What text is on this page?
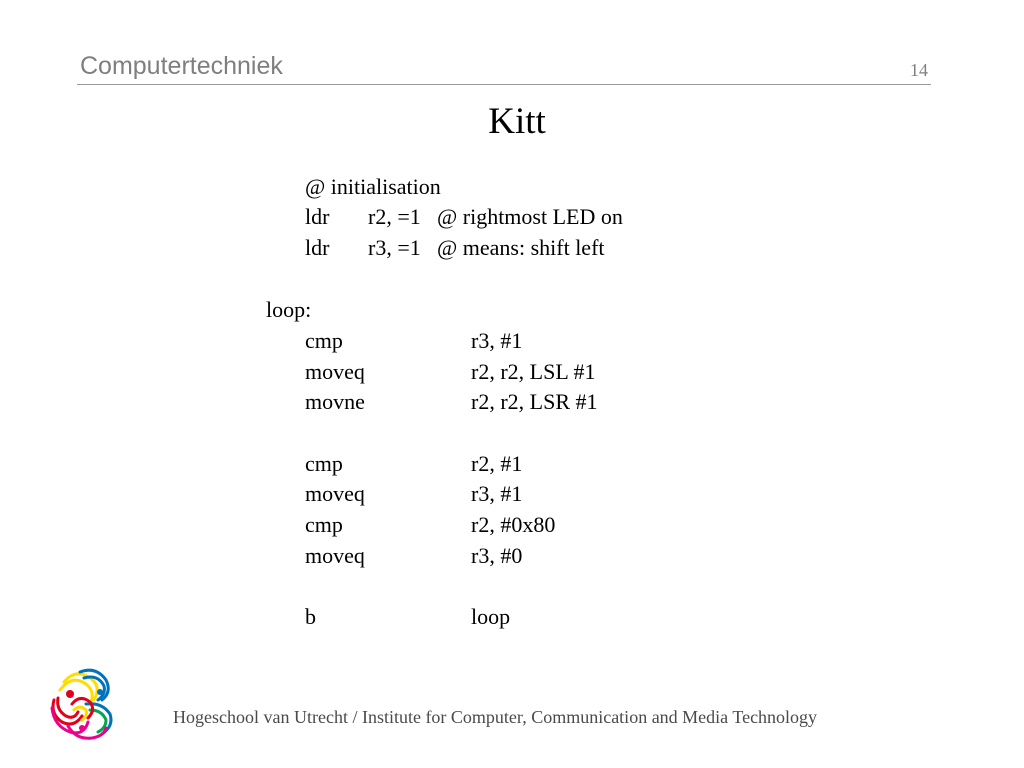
Computertechniek	14
Kitt
@ initialisation
ldr r2, =1 @ rightmost LED on
ldr r3, =1 @ means: shift left
loop:
cmp	r3, #1
moveq	r2, r2, LSL #1
movne	r2, r2, LSR #1
cmp	r2, #1
moveq	r3, #1
cmp	r2, #0x80
moveq	r3, #0
b	loop
Hogeschool van Utrecht / Institute for Computer, Communication and Media Technology
